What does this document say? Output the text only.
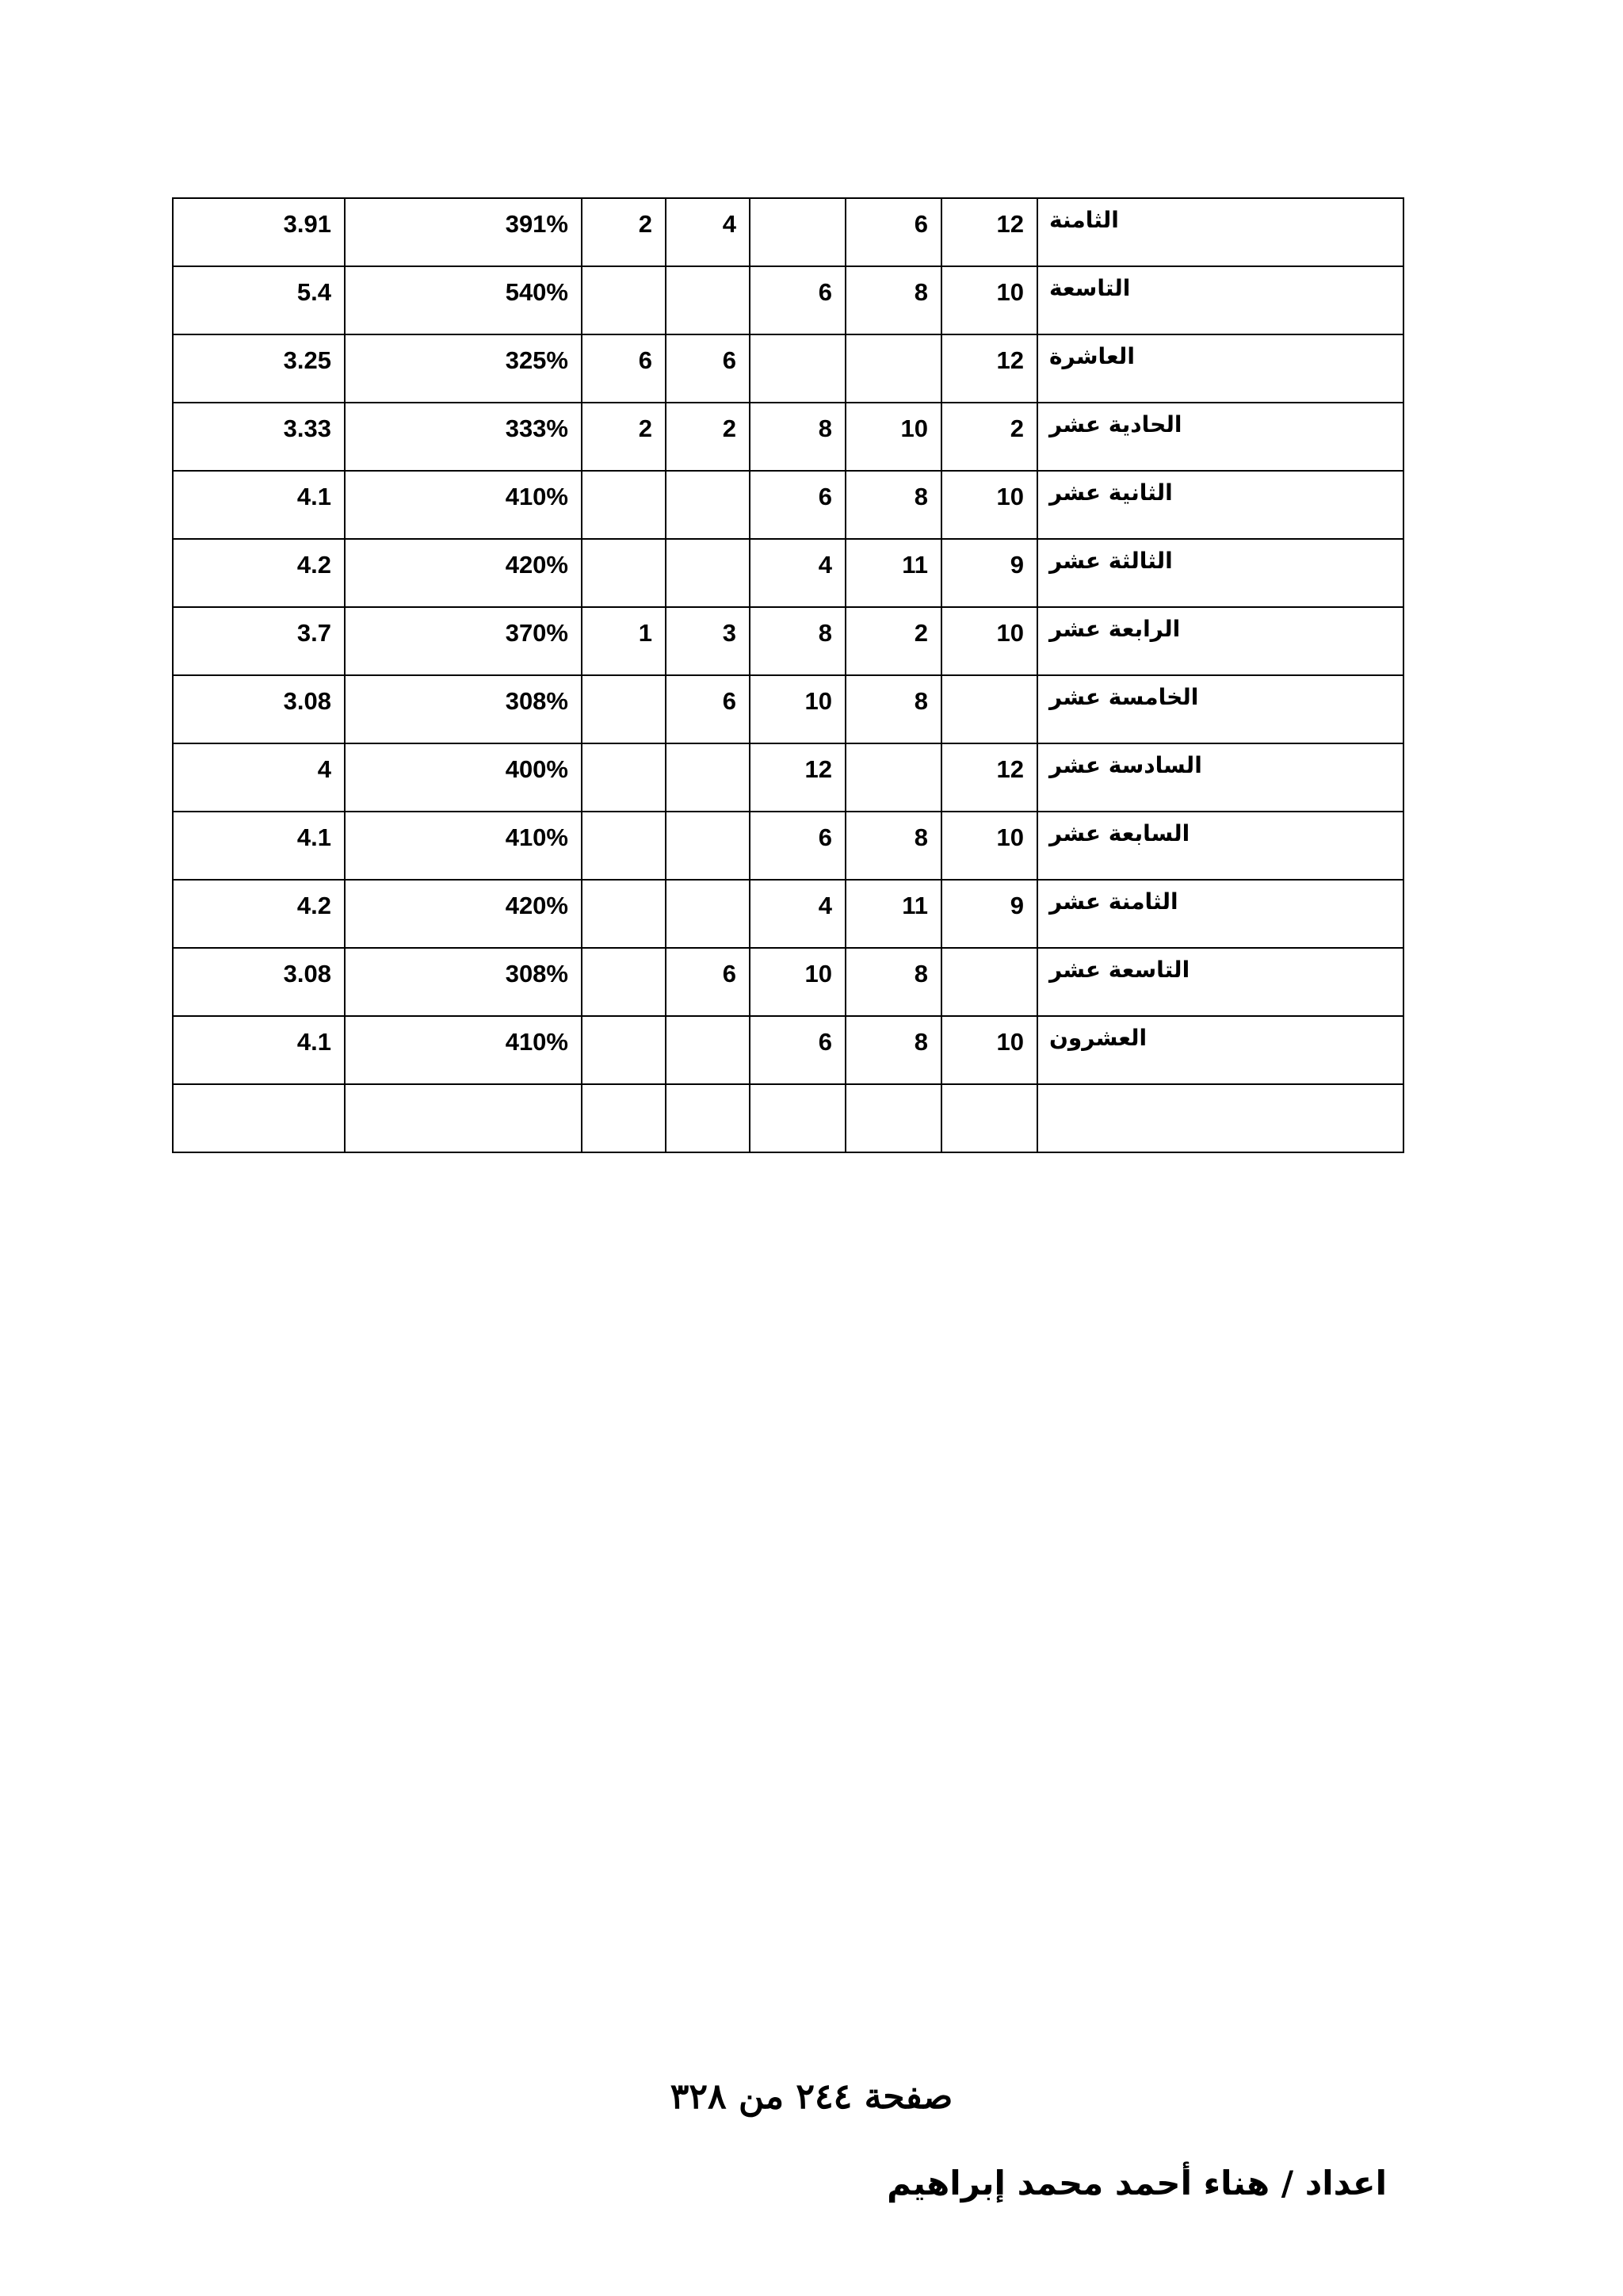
الثامنة	12	6		4	2	391%	3.91
التاسعة	10	8	6			540%	5.4
العاشرة	12			6	6	325%	3.25
الحادية عشر	2	10	8	2	2	333%	3.33
الثانية عشر	10	8	6			410%	4.1
الثالثة عشر	9	11	4			420%	4.2
الرابعة عشر	10	2	8	3	1	370%	3.7
الخامسة عشر		8	10	6		308%	3.08
السادسة عشر	12		12			400%	4
السابعة عشر	10	8	6			410%	4.1
الثامنة عشر	9	11	4			420%	4.2
التاسعة عشر		8	10	6		308%	3.08
العشرون	10	8	6			410%	4.1

صفحة ٢٤٤ من ٣٢٨
اعداد / هناء أحمد محمد إبراهيم
